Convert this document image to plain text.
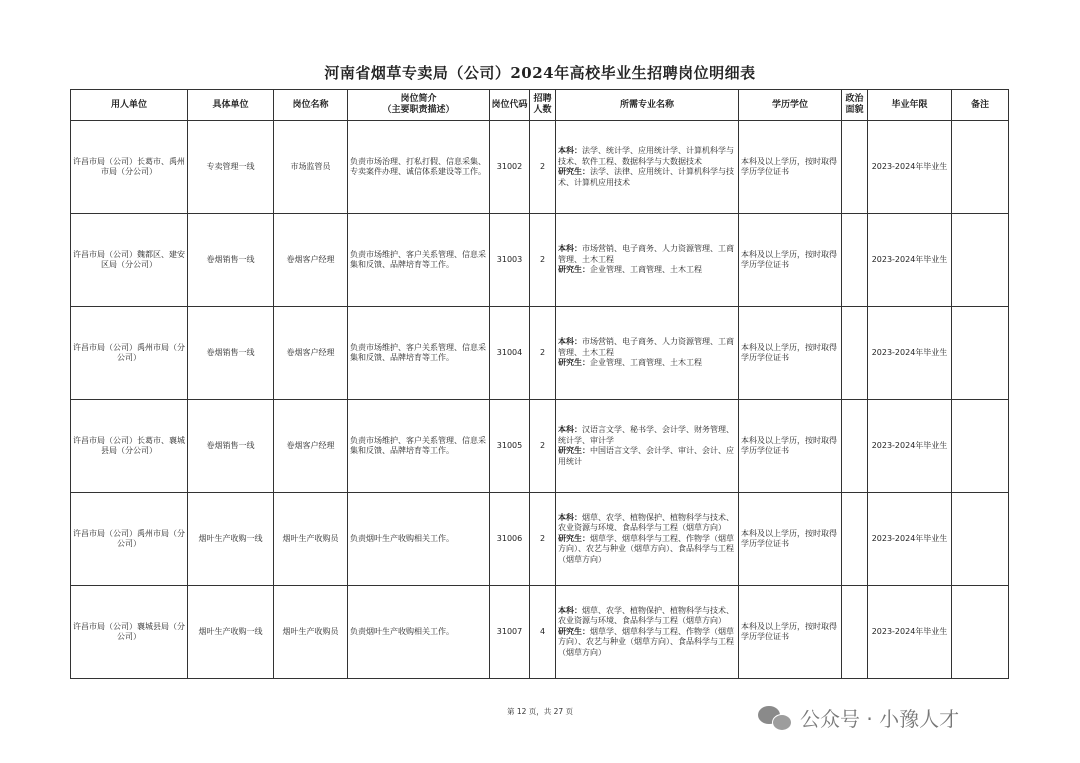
河南省烟草专卖局（公司）2024年高校毕业生招聘岗位明细表
用人单位	具体单位	岗位名称	岗位简介
（主要职责描述）	岗位代码	招聘人数	所需专业名称	学历学位	政治面貌	毕业年限	备注
许昌市局（公司）长葛市、禹州市局（分公司）	专卖管理一线	市场监管员	负责市场治理、打私打假、信息采集、专卖案件办理、诚信体系建设等工作。	31002	2	本科：法学、统计学、应用统计学、计算机科学与技术、软件工程、数据科学与大数据技术
研究生：法学、法律、应用统计、计算机科学与技术、计算机应用技术	本科及以上学历，按时取得学历学位证书		2023-2024年毕业生	
许昌市局（公司）魏都区、建安区局（分公司）	卷烟销售一线	卷烟客户经理	负责市场维护、客户关系管理、信息采集和反馈、品牌培育等工作。	31003	2	本科：市场营销、电子商务、人力资源管理、工商管理、土木工程
研究生：企业管理、工商管理、土木工程	本科及以上学历，按时取得学历学位证书		2023-2024年毕业生	
许昌市局（公司）禹州市局（分公司）	卷烟销售一线	卷烟客户经理	负责市场维护、客户关系管理、信息采集和反馈、品牌培育等工作。	31004	2	本科：市场营销、电子商务、人力资源管理、工商管理、土木工程
研究生：企业管理、工商管理、土木工程	本科及以上学历，按时取得学历学位证书		2023-2024年毕业生	
许昌市局（公司）长葛市、襄城县局（分公司）	卷烟销售一线	卷烟客户经理	负责市场维护、客户关系管理、信息采集和反馈、品牌培育等工作。	31005	2	本科：汉语言文学、秘书学、会计学、财务管理、统计学、审计学
研究生：中国语言文学、会计学、审计、会计、应用统计	本科及以上学历，按时取得学历学位证书		2023-2024年毕业生	
许昌市局（公司）禹州市局（分公司）	烟叶生产收购一线	烟叶生产收购员	负责烟叶生产收购相关工作。	31006	2	本科：烟草、农学、植物保护、植物科学与技术、农业资源与环境、食品科学与工程（烟草方向）
研究生：烟草学、烟草科学与工程、作物学（烟草方向）、农艺与种业（烟草方向）、食品科学与工程（烟草方向）	本科及以上学历，按时取得学历学位证书		2023-2024年毕业生	
许昌市局（公司）襄城县局（分公司）	烟叶生产收购一线	烟叶生产收购员	负责烟叶生产收购相关工作。	31007	4	本科：烟草、农学、植物保护、植物科学与技术、农业资源与环境、食品科学与工程（烟草方向）
研究生：烟草学、烟草科学与工程、作物学（烟草方向）、农艺与种业（烟草方向）、食品科学与工程（烟草方向）	本科及以上学历，按时取得学历学位证书		2023-2024年毕业生	
第 12 页，共 27 页	公众号 · 小豫人才
